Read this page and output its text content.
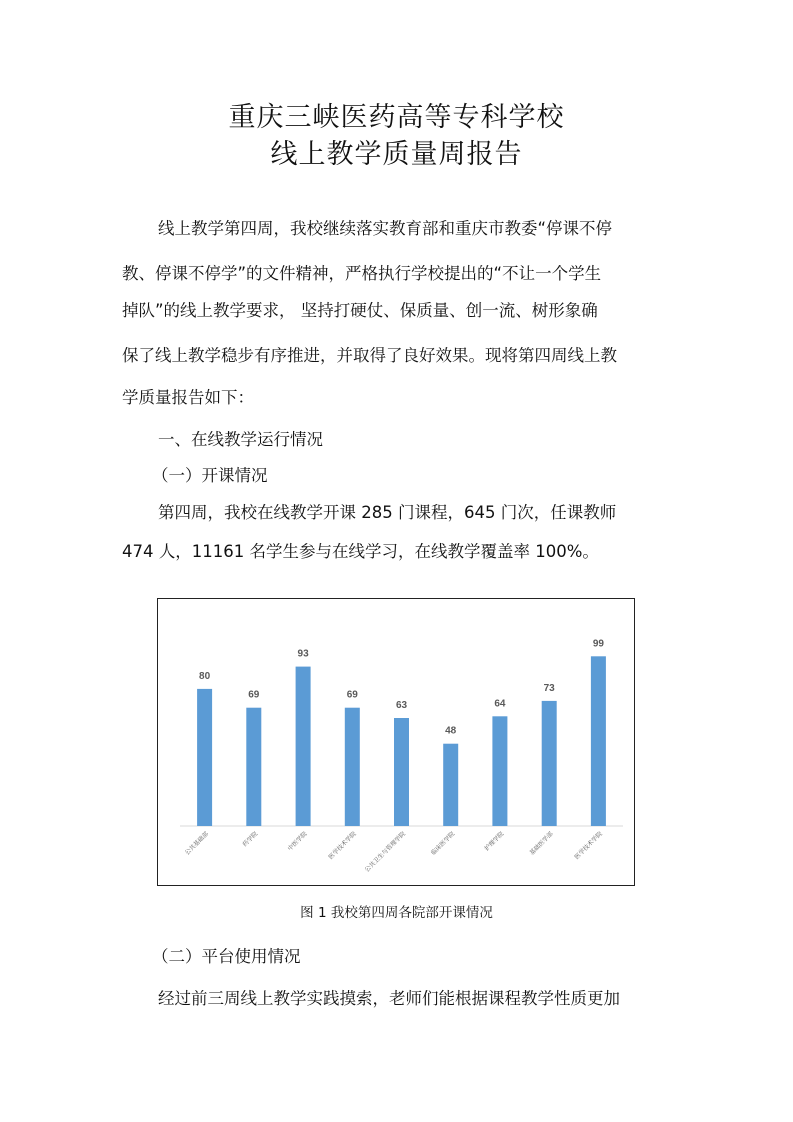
重庆三峡医药高等专科学校
线上教学质量周报告
线上教学第四周，我校继续落实教育部和重庆市教委“停课不停
教、停课不停学”的文件精神，严格执行学校提出的“不让一个学生
掉队”的线上教学要求， 坚持打硬仗、保质量、创一流、树形象确
保了线上教学稳步有序推进，并取得了良好效果。现将第四周线上教
学质量报告如下：
一、在线教学运行情况
（一）开课情况
第四周，我校在线教学开课 285 门课程，645 门次，任课教师
474 人，11161 名学生参与在线学习，在线教学覆盖率 100%。
80
公共基础部
69
药学院
93
中医学院
69
医学技术学院
63
公共卫生与管理学院
48
临床医学院
64
护理学院
73
基础医学部
99
医学技术学院
图 1 我校第四周各院部开课情况
（二）平台使用情况
经过前三周线上教学实践摸索，老师们能根据课程教学性质更加
